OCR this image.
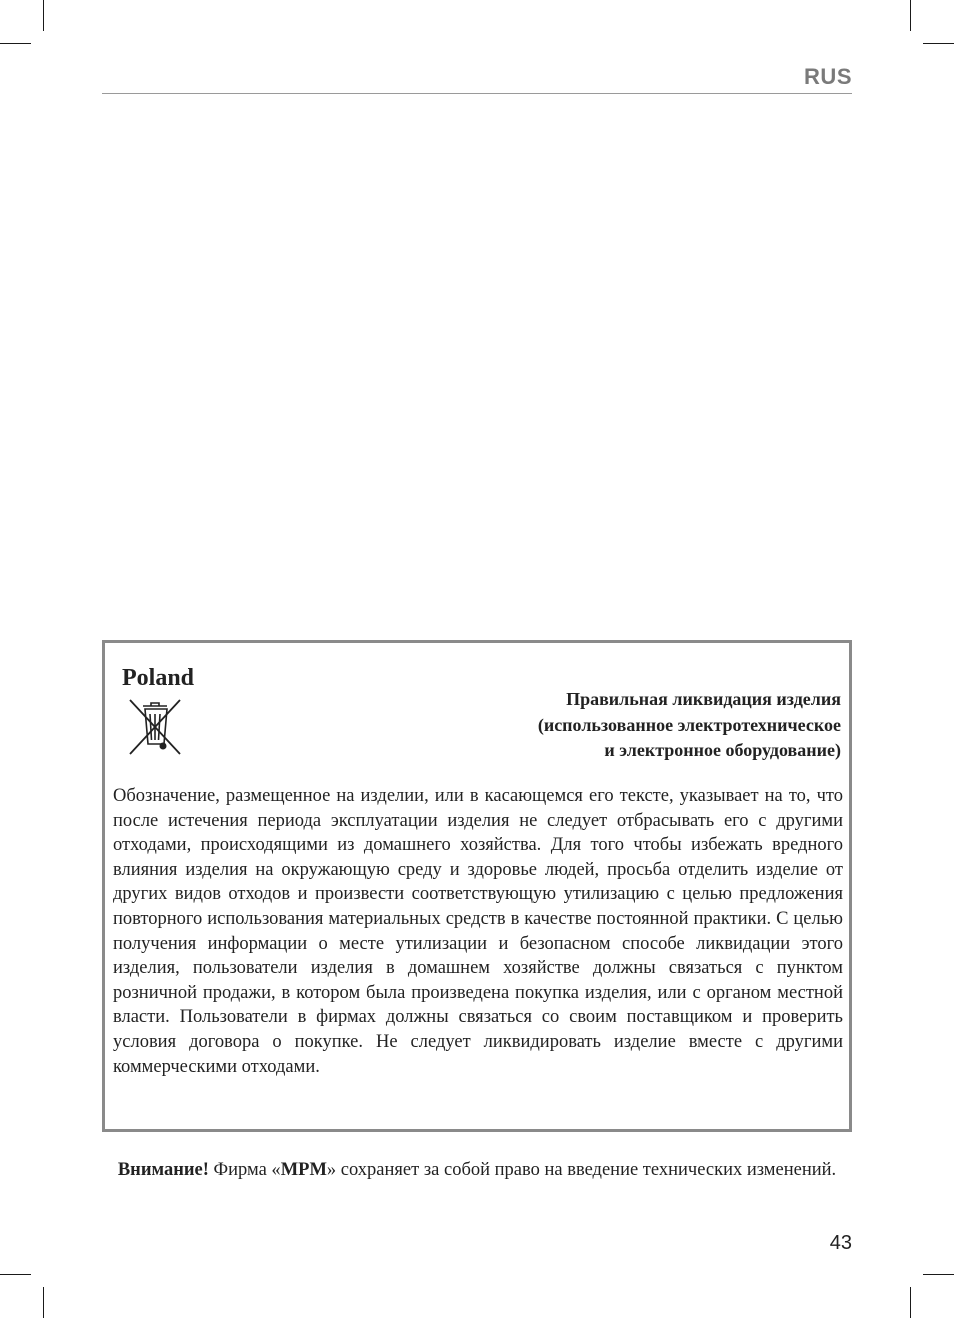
RUS
Poland
Правильная ликвидация изделия
(использованное электротехническое
и электронное оборудование)
Обозначение, размещенное на изделии, или в касающемся его тексте, указывает на то, что после истечения периода эксплуатации изделия не следует отбрасывать его с другими отходами, происходящими из домашнего хозяйства. Для того чтобы избежать вредного влияния изделия на окружающую среду и здоровье людей, просьба отделить изделие от других видов отходов и произвести соответствующую утилизацию с целью предложения повторного использования материальных средств в качестве постоянной практики. С целью получения информации о месте утилизации и безопасном способе ликвидации этого изделия, пользователи изделия в домашнем хозяйстве должны связаться с пунктом розничной продажи, в котором была произведена покупка изделия, или с органом местной власти. Пользователи в фирмах должны связаться со своим поставщиком и проверить условия договора о покупке. Не следует ликвидировать изделие вместе с другими коммерческими отходами.
Внимание! Фирма «MPM» сохраняет за собой право на введение технических изменений.
43
